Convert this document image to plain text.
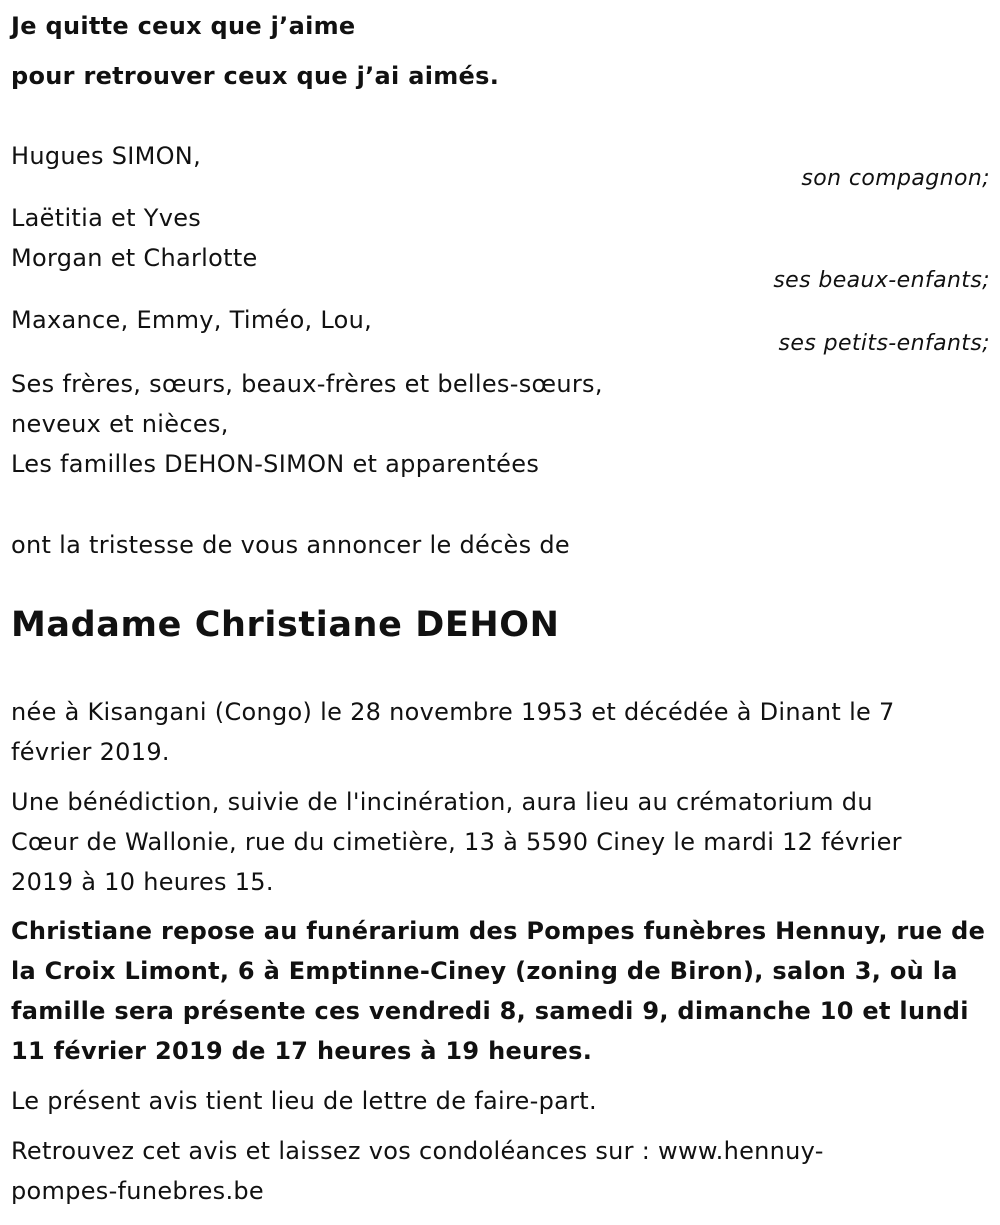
Je quitte ceux que j’aime
pour retrouver ceux que j’ai aimés.
Hugues SIMON,
son compagnon;
Laëtitia et Yves
Morgan et Charlotte
ses beaux-enfants;
Maxance, Emmy, Timéo, Lou,
ses petits-enfants;
Ses frères, sœurs, beaux-frères et belles-sœurs,
neveux et nièces,
Les familles DEHON-SIMON et apparentées
ont la tristesse de vous annoncer le décès de
Madame Christiane DEHON
née à Kisangani (Congo) le 28 novembre 1953 et décédée à Dinant le 7
février 2019.
Une bénédiction, suivie de l'incinération, aura lieu au crématorium du
Cœur de Wallonie, rue du cimetière, 13 à 5590 Ciney le mardi 12 février
2019 à 10 heures 15.
Christiane repose au funérarium des Pompes funèbres Hennuy, rue de
la Croix Limont, 6 à Emptinne-Ciney (zoning de Biron), salon 3, où la
famille sera présente ces vendredi 8, samedi 9, dimanche 10 et lundi
11 février 2019 de 17 heures à 19 heures.
Le présent avis tient lieu de lettre de faire-part.
Retrouvez cet avis et laissez vos condoléances sur : www.hennuy-
pompes-funebres.be
